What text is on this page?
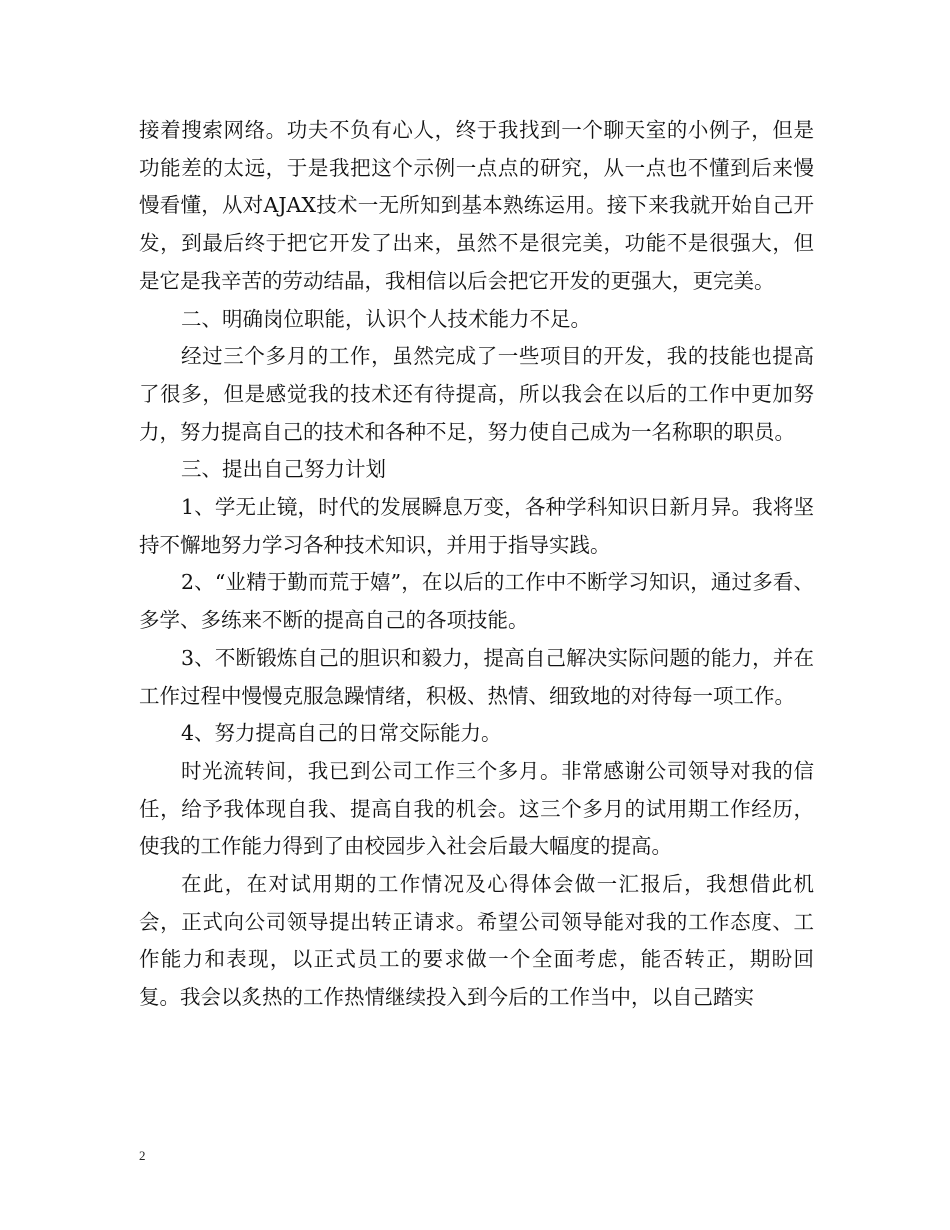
接着搜索网络。功夫不负有心人，终于我找到一个聊天室的小例子，但是功能差的太远，于是我把这个示例一点点的研究，从一点也不懂到后来慢慢看懂，从对AJAX技术一无所知到基本熟练运用。接下来我就开始自己开发，到最后终于把它开发了出来，虽然不是很完美，功能不是很强大，但是它是我辛苦的劳动结晶，我相信以后会把它开发的更强大，更完美。

二、明确岗位职能，认识个人技术能力不足。

经过三个多月的工作，虽然完成了一些项目的开发，我的技能也提高了很多，但是感觉我的技术还有待提高，所以我会在以后的工作中更加努力，努力提高自己的技术和各种不足，努力使自己成为一名称职的职员。

三、提出自己努力计划

1、学无止镜，时代的发展瞬息万变，各种学科知识日新月异。我将坚持不懈地努力学习各种技术知识，并用于指导实践。

2、“业精于勤而荒于嬉”，在以后的工作中不断学习知识，通过多看、多学、多练来不断的提高自己的各项技能。

3、不断锻炼自己的胆识和毅力，提高自己解决实际问题的能力，并在工作过程中慢慢克服急躁情绪，积极、热情、细致地的对待每一项工作。

4、努力提高自己的日常交际能力。

时光流转间，我已到公司工作三个多月。非常感谢公司领导对我的信任，给予我体现自我、提高自我的机会。这三个多月的试用期工作经历，使我的工作能力得到了由校园步入社会后最大幅度的提高。

在此，在对试用期的工作情况及心得体会做一汇报后，我想借此机会，正式向公司领导提出转正请求。希望公司领导能对我的工作态度、工作能力和表现，以正式员工的要求做一个全面考虑，能否转正，期盼回复。我会以炙热的工作热情继续投入到今后的工作当中，以自己踏实

2
